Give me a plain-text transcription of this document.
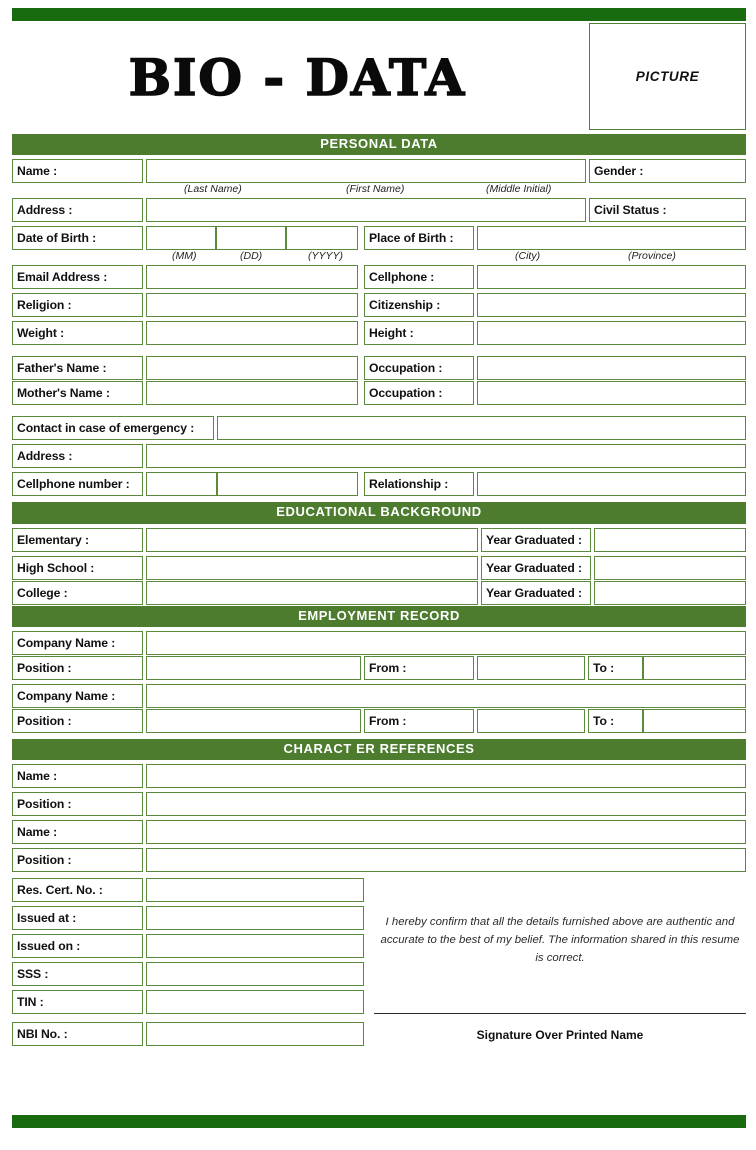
BIO - DATA	PICTURE
PERSONAL DATA
Name :	Gender :
(Last Name)	(First Name)	(Middle Initial)
Address :	Civil Status :
Date of Birth :	Place of Birth :
(MM)	(DD)	(YYYY)	(City)	(Province)
Email Address :	Cellphone :
Religion :	Citizenship :
Weight :	Height :
Father's Name :	Occupation :
Mother's Name :	Occupation :
Contact in case of emergency :
Address :
Cellphone number :	Relationship :
EDUCATIONAL BACKGROUND
Elementary :	Year Graduated :
High School :	Year Graduated :
College :	Year Graduated :
EMPLOYMENT RECORD
Company Name :
Position :	From :	To :
Company Name :
Position :	From :	To :
CHARACT ER REFERENCES
Name :
Position :
Name :
Position :
Res. Cert. No. :
Issued at :
Issued on :
SSS :
TIN :
NBI No. :
I hereby confirm that all the details furnished above are authentic and accurate to the best of my belief. The information shared in this resume is correct.
Signature Over Printed Name
